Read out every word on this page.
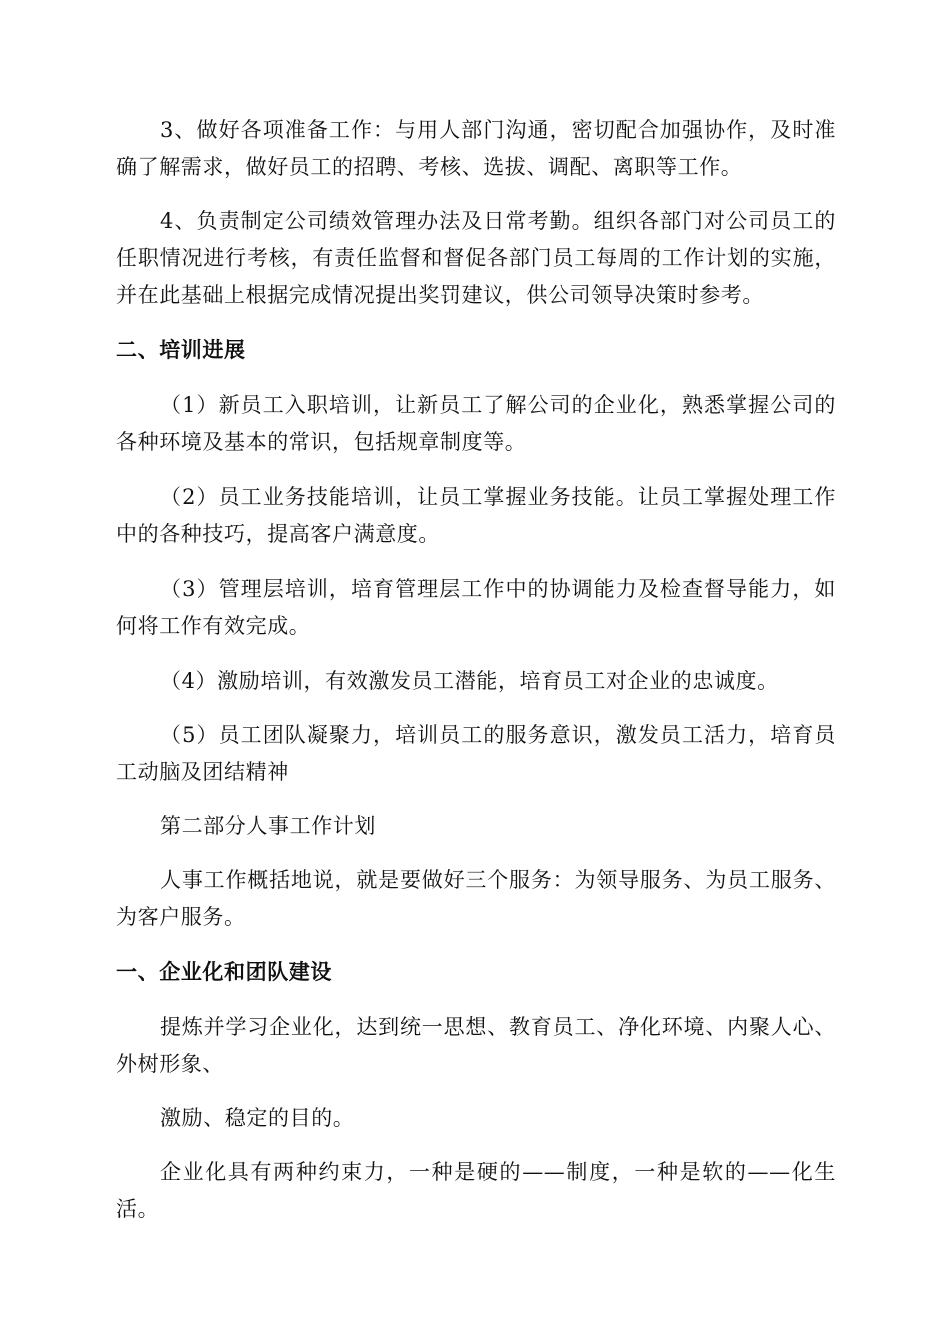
3、做好各项准备工作：与用人部门沟通，密切配合加强协作，及时准确了解需求，做好员工的招聘、考核、选拔、调配、离职等工作。

4、负责制定公司绩效管理办法及日常考勤。组织各部门对公司员工的任职情况进行考核，有责任监督和督促各部门员工每周的工作计划的实施，并在此基础上根据完成情况提出奖罚建议，供公司领导决策时参考。

二、培训进展

（1）新员工入职培训，让新员工了解公司的企业化，熟悉掌握公司的各种环境及基本的常识，包括规章制度等。

（2）员工业务技能培训，让员工掌握业务技能。让员工掌握处理工作中的各种技巧，提高客户满意度。

（3）管理层培训，培育管理层工作中的协调能力及检查督导能力，如何将工作有效完成。

（4）激励培训，有效激发员工潜能，培育员工对企业的忠诚度。

（5）员工团队凝聚力，培训员工的服务意识，激发员工活力，培育员工动脑及团结精神

第二部分人事工作计划

人事工作概括地说，就是要做好三个服务：为领导服务、为员工服务、为客户服务。

一、企业化和团队建设

提炼并学习企业化，达到统一思想、教育员工、净化环境、内聚人心、外树形象、

激励、稳定的目的。

企业化具有两种约束力，一种是硬的——制度，一种是软的——化生活。
